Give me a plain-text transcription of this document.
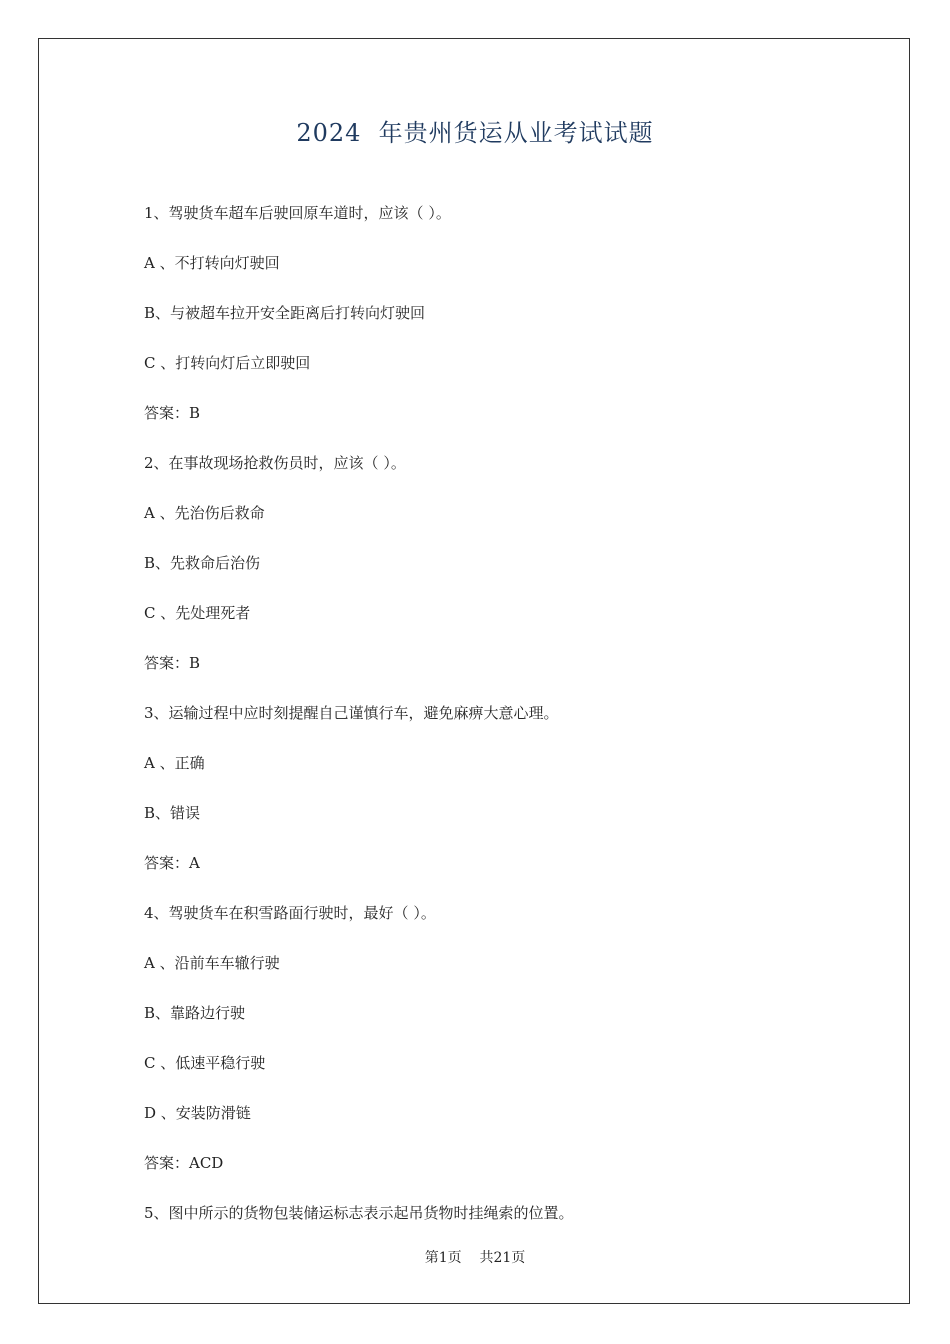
2024  年贵州货运从业考试试题
1、驾驶货车超车后驶回原车道时，应该（ ）。
A 、不打转向灯驶回
B、与被超车拉开安全距离后打转向灯驶回
C 、打转向灯后立即驶回
答案：B
2、在事故现场抢救伤员时，应该（ ）。
A 、先治伤后救命
B、先救命后治伤
C 、先处理死者
答案：B
3、运输过程中应时刻提醒自己谨慎行车，避免麻痹大意心理。
A 、正确
B、错误
答案：A
4、驾驶货车在积雪路面行驶时，最好（ ）。
A 、沿前车车辙行驶
B、靠路边行驶
C 、低速平稳行驶
D 、安装防滑链
答案：ACD
5、图中所示的货物包装储运标志表示起吊货物时挂绳索的位置。
第1页    共21页
